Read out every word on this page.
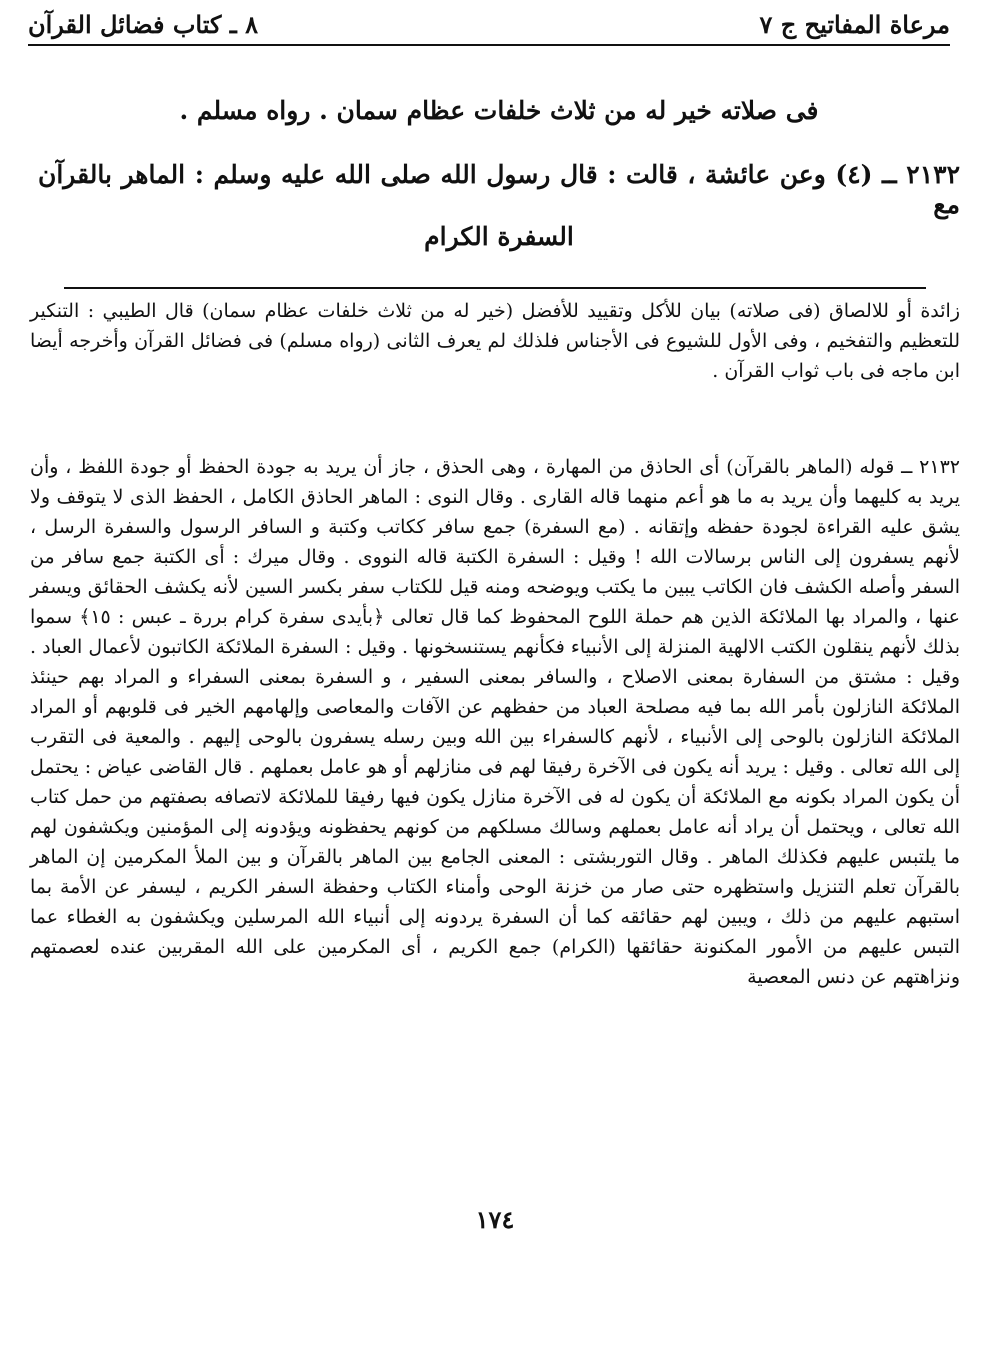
مرعاة المفاتيح ج ٧
٨ ـ كتاب فضائل القرآن
فى صلاته خير له من ثلاث خلفات عظام سمان . رواه مسلم .
٢١٣٢ ــ (٤) وعن عائشة ، قالت : قال رسول الله صلى الله عليه وسلم : الماهر بالقرآن مع
السفرة الكرام

زائدة أو للالصاق (فى صلاته) بيان للأكل وتقييد للأفضل (خير له من ثلاث خلفات عظام سمان) قال الطيبي : التنكير للتعظيم والتفخيم ، وفى الأول للشيوع فى الأجناس فلذلك لم يعرف الثانى (رواه مسلم) فى فضائل القرآن وأخرجه أيضا ابن ماجه فى باب ثواب القرآن .

٢١٣٢ ــ قوله (الماهر بالقرآن) أى الحاذق من المهارة ، وهى الحذق ، جاز أن يريد به جودة الحفظ أو جودة اللفظ ، وأن يريد به كليهما وأن يريد به ما هو أعم منهما قاله القارى . وقال النوى : الماهر الحاذق الكامل ، الحفظ الذى لا يتوقف ولا يشق عليه القراءة لجودة حفظه وإتقانه . (مع السفرة) جمع سافر ككاتب وكتبة و السافر الرسول والسفرة الرسل ، لأنهم يسفرون إلى الناس برسالات الله ! وقيل : السفرة الكتبة قاله النووى . وقال ميرك : أى الكتبة جمع سافر من السفر وأصله الكشف فان الكاتب يبين ما يكتب ويوضحه ومنه قيل للكتاب سفر بكسر السين لأنه يكشف الحقائق ويسفر عنها ، والمراد بها الملائكة الذين هم حملة اللوح المحفوظ كما قال تعالى ﴿بأيدى سفرة كرام بررة ـ عبس : ١٥﴾ سموا بذلك لأنهم ينقلون الكتب الالهية المنزلة إلى الأنبياء فكأنهم يستنسخونها . وقيل : السفرة الملائكة الكاتبون لأعمال العباد . وقيل : مشتق من السفارة بمعنى الاصلاح ، والسافر بمعنى السفير ، و السفرة بمعنى السفراء و المراد بهم حينئذ الملائكة النازلون بأمر الله بما فيه مصلحة العباد من حفظهم عن الآفات والمعاصى وإلهامهم الخير فى قلوبهم أو المراد الملائكة النازلون بالوحى إلى الأنبياء ، لأنهم كالسفراء بين الله وبين رسله يسفرون بالوحى إليهم . والمعية فى التقرب إلى الله تعالى . وقيل : يريد أنه يكون فى الآخرة رفيقا لهم فى منازلهم أو هو عامل بعملهم . قال القاضى عياض : يحتمل أن يكون المراد بكونه مع الملائكة أن يكون له فى الآخرة منازل يكون فيها رفيقا للملائكة لاتصافه بصفتهم من حمل كتاب الله تعالى ، ويحتمل أن يراد أنه عامل بعملهم وسالك مسلكهم من كونهم يحفظونه ويؤدونه إلى المؤمنين ويكشفون لهم ما يلتبس عليهم فكذلك الماهر . وقال التوربشتى : المعنى الجامع بين الماهر بالقرآن و بين الملأ المكرمين إن الماهر بالقرآن تعلم التنزيل واستظهره حتى صار من خزنة الوحى وأمناء الكتاب وحفظة السفر الكريم ، ليسفر عن الأمة بما استبهم عليهم من ذلك ، ويبين لهم حقائقه كما أن السفرة يردونه إلى أنبياء الله المرسلين ويكشفون به الغطاء عما التبس عليهم من الأمور المكنونة حقائقها (الكرام) جمع الكريم ، أى المكرمين على الله المقربين عنده لعصمتهم ونزاهتهم عن دنس المعصية

١٧٤
